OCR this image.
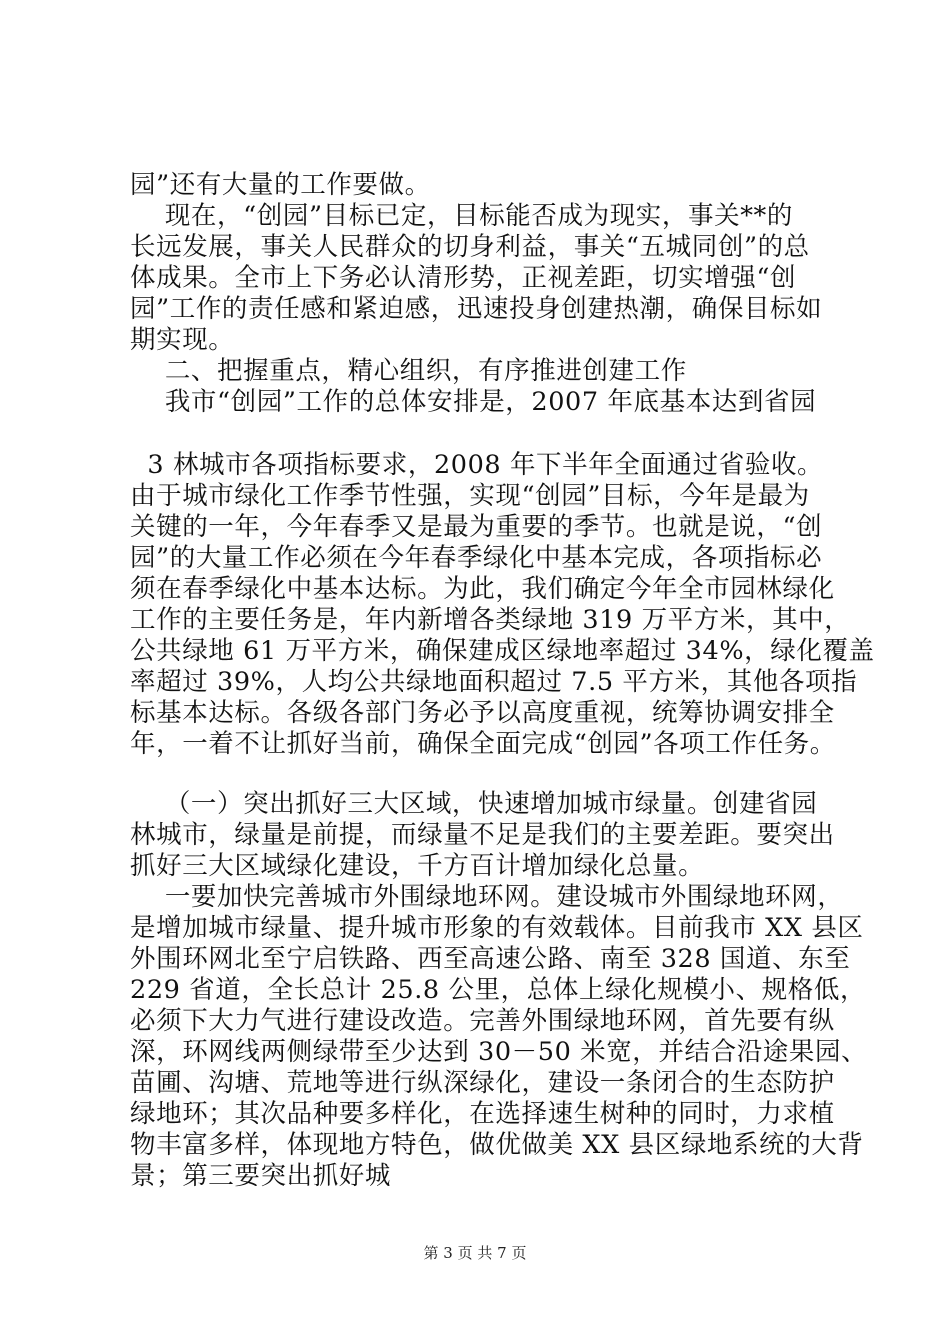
园”还有大量的工作要做。
现在，“创园”目标已定，目标能否成为现实，事关**的
长远发展，事关人民群众的切身利益，事关“五城同创”的总
体成果。全市上下务必认清形势，正视差距，切实增强“创
园”工作的责任感和紧迫感，迅速投身创建热潮，确保目标如
期实现。
二、把握重点，精心组织，有序推进创建工作
我市“创园”工作的总体安排是，2007 年底基本达到省园
3 林城市各项指标要求，2008 年下半年全面通过省验收。
由于城市绿化工作季节性强，实现“创园”目标，今年是最为
关键的一年，今年春季又是最为重要的季节。也就是说，“创
园”的大量工作必须在今年春季绿化中基本完成，各项指标必
须在春季绿化中基本达标。为此，我们确定今年全市园林绿化
工作的主要任务是，年内新增各类绿地 319 万平方米，其中，
公共绿地 61 万平方米，确保建成区绿地率超过 34%，绿化覆盖
率超过 39%，人均公共绿地面积超过 7.5 平方米，其他各项指
标基本达标。各级各部门务必予以高度重视，统筹协调安排全
年，一着不让抓好当前，确保全面完成“创园”各项工作任务。
（一）突出抓好三大区域，快速增加城市绿量。创建省园
林城市，绿量是前提，而绿量不足是我们的主要差距。要突出
抓好三大区域绿化建设，千方百计增加绿化总量。
一要加快完善城市外围绿地环网。建设城市外围绿地环网，
是增加城市绿量、提升城市形象的有效载体。目前我市 XX 县区
外围环网北至宁启铁路、西至高速公路、南至 328 国道、东至
229 省道，全长总计 25.8 公里，总体上绿化规模小、规格低，
必须下大力气进行建设改造。完善外围绿地环网，首先要有纵
深，环网线两侧绿带至少达到 30－50 米宽，并结合沿途果园、
苗圃、沟塘、荒地等进行纵深绿化，建设一条闭合的生态防护
绿地环；其次品种要多样化，在选择速生树种的同时，力求植
物丰富多样，体现地方特色，做优做美 XX 县区绿地系统的大背
景；第三要突出抓好城
第 3 页 共 7 页
